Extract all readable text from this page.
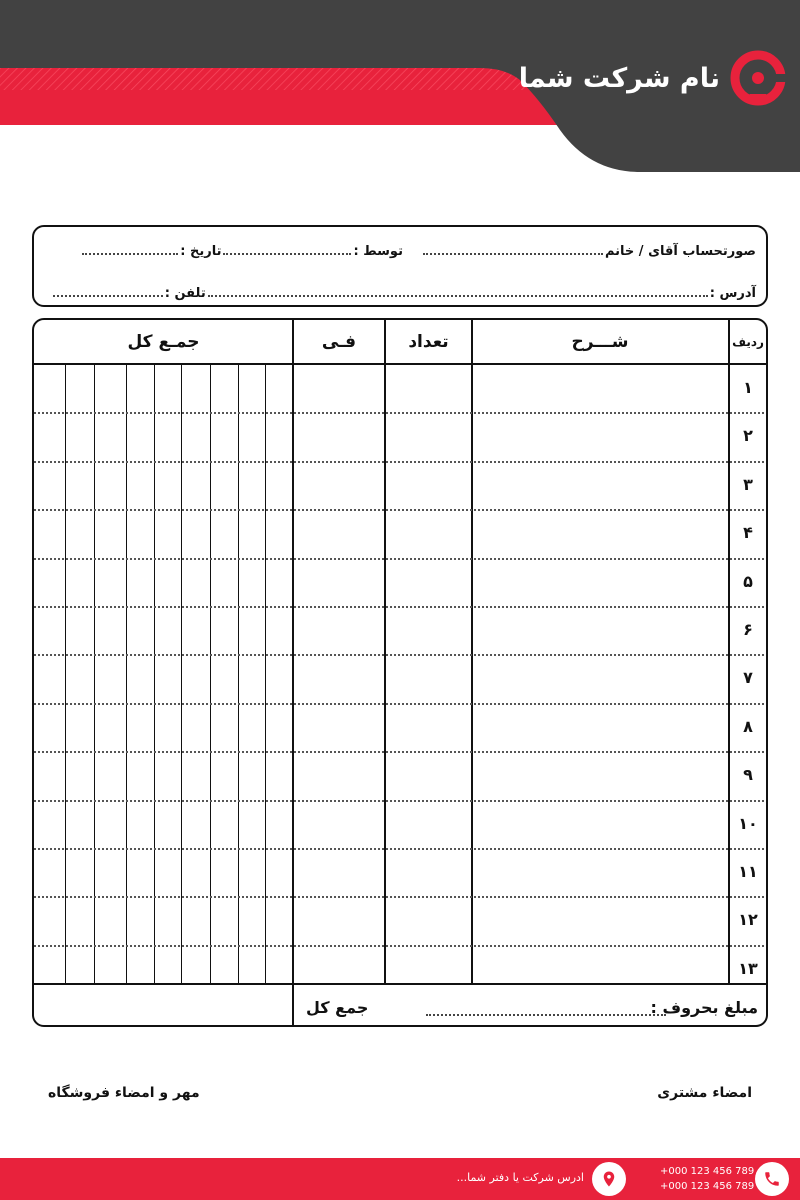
نام شرکت شما
صورتحساب آقای / خانم
توسط :
تاریخ :
آدرس :
تلفن :
ردیف
شـــرح
تعداد
فـی
جمـع کل
۱
۲
۳
۴
۵
۶
۷
۸
۹
۱۰
۱۱
۱۲
۱۳
مبلغ بحروف :
جمع کل
امضاء مشتری
مهر و امضاء فروشگاه
+000 123 456 789
+000 123 456 789
ادرس شرکت یا دفتر شما...
